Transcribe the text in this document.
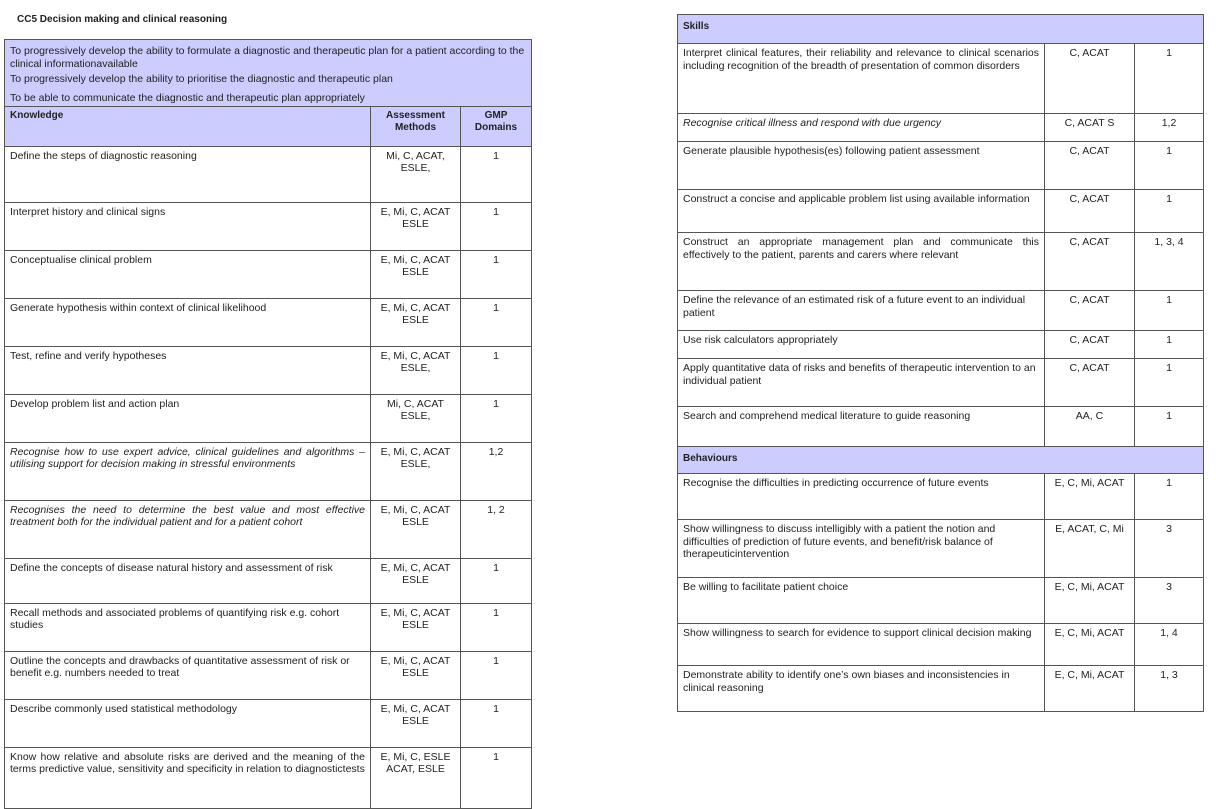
CC5 Decision making and clinical reasoning
To progressively develop the ability to formulate a diagnostic and therapeutic plan for a patient according to the clinical informationavailable		
To progressively develop the ability to prioritise the diagnostic and therapeutic plan		
To be able to communicate the diagnostic and therapeutic plan appropriately		
Knowledge	Assessment Methods	GMP Domains
Define the steps of diagnostic reasoning	Mi, C, ACAT, ESLE,	1
Interpret history and clinical signs	E, Mi, C, ACAT ESLE	1
Conceptualise clinical problem	E, Mi, C, ACAT ESLE	1
Generate hypothesis within context of clinical likelihood	E, Mi, C, ACAT ESLE	1
Test, refine and verify hypotheses	E, Mi, C, ACAT ESLE,	1
Develop problem list and action plan	Mi, C, ACAT ESLE,	1
Recognise how to use expert advice, clinical guidelines and algorithms – utilising support for decision making in stressful environments	E, Mi, C, ACAT ESLE,	1,2
Recognises the need to determine the best value and most effective treatment both for the individual patient and for a patient cohort	E, Mi, C, ACAT ESLE	1, 2
Define the concepts of disease natural history and assessment of risk	E, Mi, C, ACAT ESLE	1
Recall methods and associated problems of quantifying risk e.g. cohort studies	E, Mi, C, ACAT ESLE	1
Outline the concepts and drawbacks of quantitative assessment of risk or benefit e.g. numbers needed to treat	E, Mi, C, ACAT ESLE	1
Describe commonly used statistical methodology	E, Mi, C, ACAT ESLE	1
Know how relative and absolute risks are derived and the meaning of the terms predictive value, sensitivity and specificity in relation to diagnostictests	E, Mi, C, ESLE ACAT, ESLE	1
Skills		
Interpret clinical features, their reliability and relevance to clinical scenarios including recognition of the breadth of presentation of common disorders	C, ACAT	1
Recognise critical illness and respond with due urgency	C, ACAT S	1,2
Generate plausible hypothesis(es) following patient assessment	C, ACAT	1
Construct a concise and applicable problem list using available information	C, ACAT	1
Construct an appropriate management plan and communicate this effectively to the patient, parents and carers where relevant	C, ACAT	1, 3, 4
Define the relevance of an estimated risk of a future event to an individual patient	C, ACAT	1
Use risk calculators appropriately	C, ACAT	1
Apply quantitative data of risks and benefits of therapeutic intervention to an individual patient	C, ACAT	1
Search and comprehend medical literature to guide reasoning	AA, C	1
Behaviours		
Recognise the difficulties in predicting occurrence of future events	E, C, Mi, ACAT	1
Show willingness to discuss intelligibly with a patient the notion and difficulties of prediction of future events, and benefit/risk balance of therapeuticintervention	E, ACAT, C, Mi	3
Be willing to facilitate patient choice	E, C, Mi, ACAT	3
Show willingness to search for evidence to support clinical decision making	E, C, Mi, ACAT	1, 4
Demonstrate ability to identify one’s own biases and inconsistencies in clinical reasoning	E, C, Mi, ACAT	1, 3
